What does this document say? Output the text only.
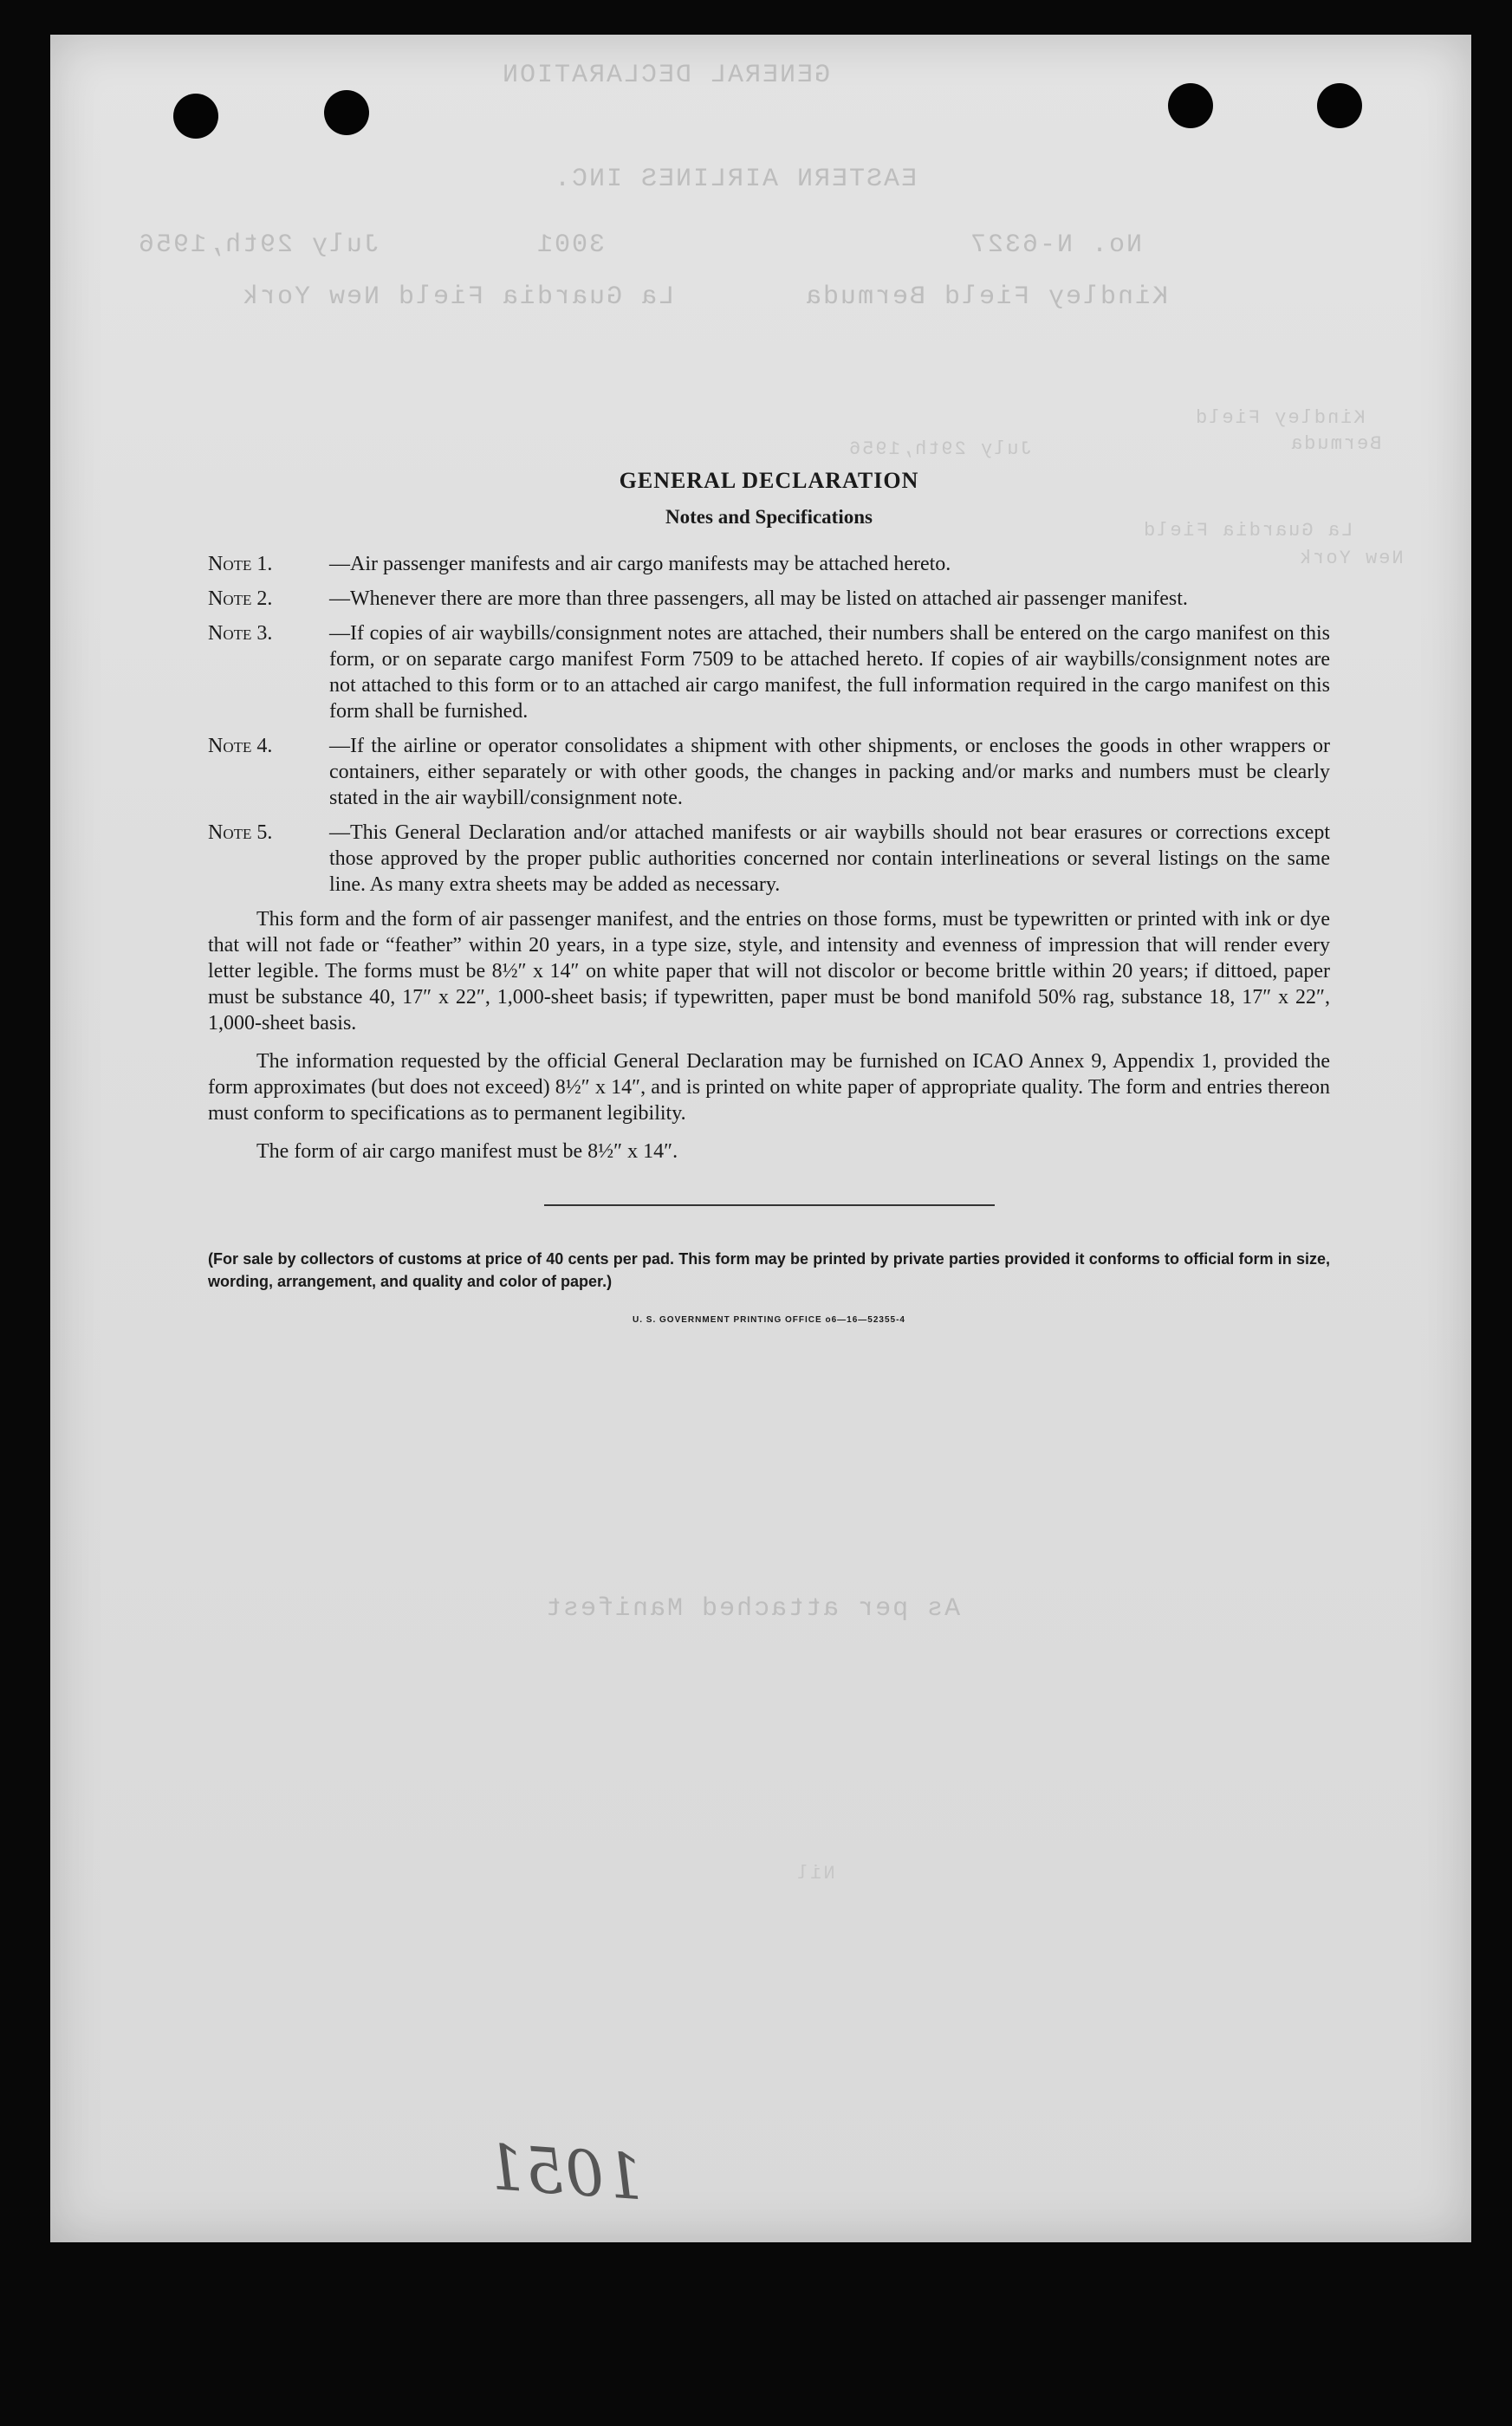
GENERAL DECLARATION
EASTERN AIRLINES INC.
July 29th,1956	3001	No. N-6327
La Guardia Field New York	Kindley Field Bermuda
Kindley Field
Bermuda
July 29th,1956
La Guardia Field
New York
As per attached Manifest
Nil
GENERAL DECLARATION
Notes and Specifications
Note 1.	—Air passenger manifests and air cargo manifests may be attached hereto.
Note 2.	—Whenever there are more than three passengers, all may be listed on attached air passenger manifest.
Note 3.	—If copies of air waybills/consignment notes are attached, their numbers shall be entered on the cargo manifest on this form, or on separate cargo manifest Form 7509 to be attached hereto. If copies of air waybills/consignment notes are not attached to this form or to an attached air cargo manifest, the full information required in the cargo manifest on this form shall be furnished.
Note 4.	—If the airline or operator consolidates a shipment with other shipments, or encloses the goods in other wrappers or containers, either separately or with other goods, the changes in packing and/or marks and numbers must be clearly stated in the air waybill/consignment note.
Note 5.	—This General Declaration and/or attached manifests or air waybills should not bear erasures or corrections except those approved by the proper public authorities concerned nor contain interlineations or several listings on the same line. As many extra sheets may be added as necessary.

This form and the form of air passenger manifest, and the entries on those forms, must be typewritten or printed with ink or dye that will not fade or “feather” within 20 years, in a type size, style, and intensity and evenness of impression that will render every letter legible. The forms must be 8½″ x 14″ on white paper that will not discolor or become brittle within 20 years; if dittoed, paper must be substance 40, 17″ x 22″, 1,000-sheet basis; if typewritten, paper must be bond manifold 50% rag, substance 18, 17″ x 22″, 1,000-sheet basis.

The information requested by the official General Declaration may be furnished on ICAO Annex 9, Appendix 1, provided the form approximates (but does not exceed) 8½″ x 14″, and is printed on white paper of appropriate quality. The form and entries thereon must conform to specifications as to permanent legibility.

The form of air cargo manifest must be 8½″ x 14″.

(For sale by collectors of customs at price of 40 cents per pad. This form may be printed by private parties provided it conforms to official form in size, wording, arrangement, and quality and color of paper.)
U. S. GOVERNMENT PRINTING OFFICE o6—16—52355-4
1051
